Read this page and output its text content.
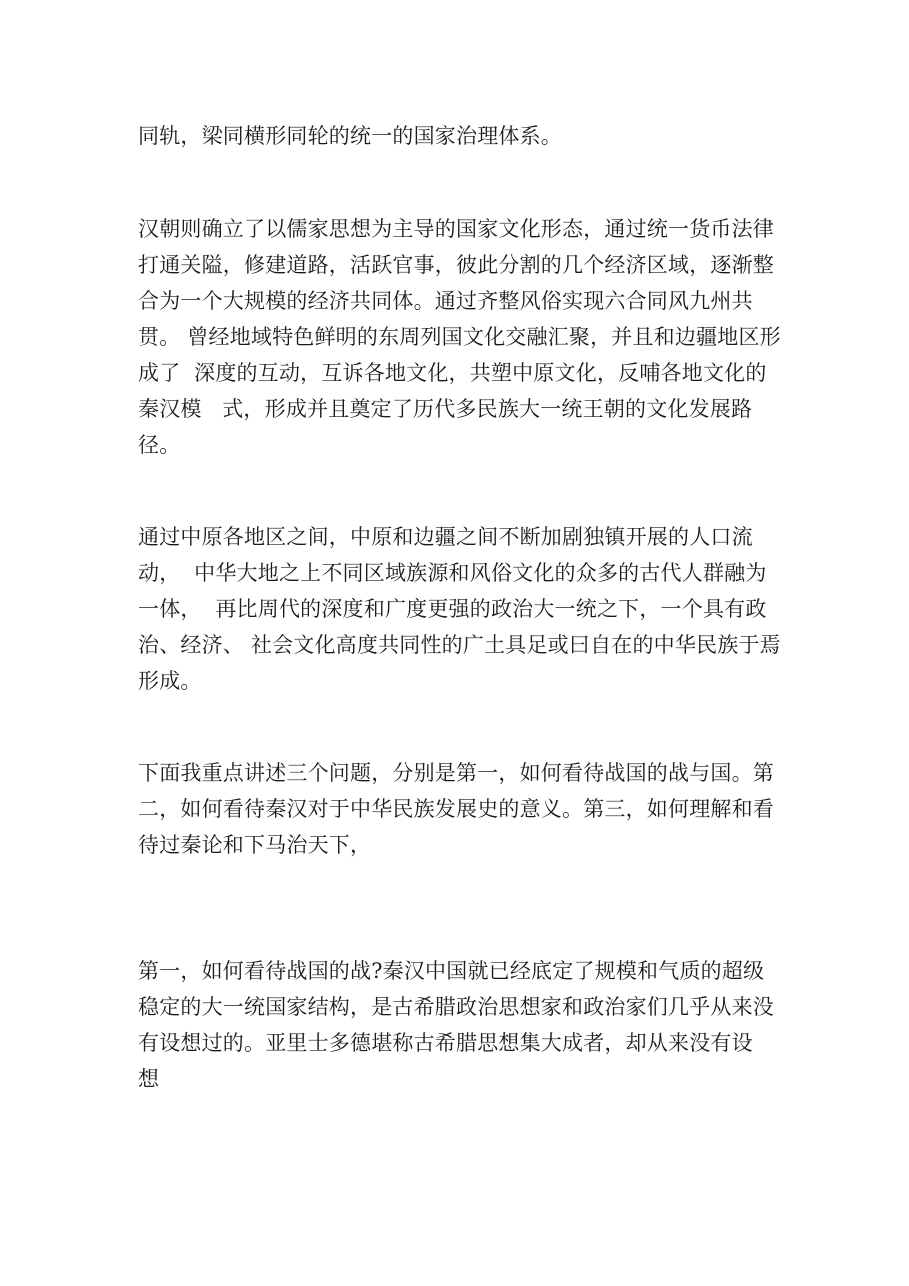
同轨，梁同横形同轮的统一的国家治理体系。
汉朝则确立了以儒家思想为主导的国家文化形态，通过统一货币法律
打通关隘，修建道路，活跃官事，彼此分割的几个经济区域，逐渐整
合为一个大规模的经济共同体。通过齐整风俗实现六合同风九州共
贯。 曾经地域特色鲜明的东周列国文化交融汇聚，并且和边疆地区形
成了  深度的互动，互诉各地文化，共塑中原文化，反哺各地文化的
秦汉模   式，形成并且奠定了历代多民族大一统王朝的文化发展路
径。
通过中原各地区之间，中原和边疆之间不断加剧独镇开展的人口流
动，  中华大地之上不同区域族源和风俗文化的众多的古代人群融为
一体，  再比周代的深度和广度更强的政治大一统之下，一个具有政
治、经济、 社会文化高度共同性的广土具足或曰自在的中华民族于焉
形成。
下面我重点讲述三个问题，分别是第一，如何看待战国的战与国。第
二，如何看待秦汉对于中华民族发展史的意义。第三，如何理解和看
待过秦论和下马治天下，
第一，如何看待战国的战?秦汉中国就已经底定了规模和气质的超级
稳定的大一统国家结构，是古希腊政治思想家和政治家们几乎从来没
有设想过的。亚里士多德堪称古希腊思想集大成者，却从来没有设
想
